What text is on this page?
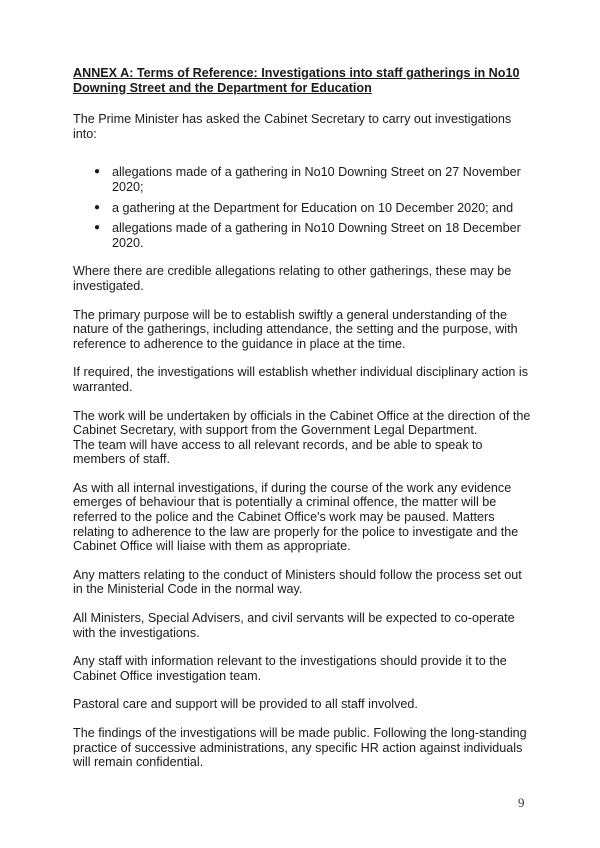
ANNEX A: Terms of Reference: Investigations into staff gatherings in No10 Downing Street and the Department for Education

The Prime Minister has asked the Cabinet Secretary to carry out investigations into:

● allegations made of a gathering in No10 Downing Street on 27 November 2020;
● a gathering at the Department for Education on 10 December 2020; and
● allegations made of a gathering in No10 Downing Street on 18 December 2020.

Where there are credible allegations relating to other gatherings, these may be investigated.

The primary purpose will be to establish swiftly a general understanding of the nature of the gatherings, including attendance, the setting and the purpose, with reference to adherence to the guidance in place at the time.

If required, the investigations will establish whether individual disciplinary action is warranted.

The work will be undertaken by officials in the Cabinet Office at the direction of the Cabinet Secretary, with support from the Government Legal Department.

The team will have access to all relevant records, and be able to speak to members of staff.

As with all internal investigations, if during the course of the work any evidence emerges of behaviour that is potentially a criminal offence, the matter will be referred to the police and the Cabinet Office's work may be paused. Matters relating to adherence to the law are properly for the police to investigate and the Cabinet Office will liaise with them as appropriate.

Any matters relating to the conduct of Ministers should follow the process set out in the Ministerial Code in the normal way.

All Ministers, Special Advisers, and civil servants will be expected to co-operate with the investigations.

Any staff with information relevant to the investigations should provide it to the Cabinet Office investigation team.

Pastoral care and support will be provided to all staff involved.

The findings of the investigations will be made public. Following the long-standing practice of successive administrations, any specific HR action against individuals will remain confidential.

9
